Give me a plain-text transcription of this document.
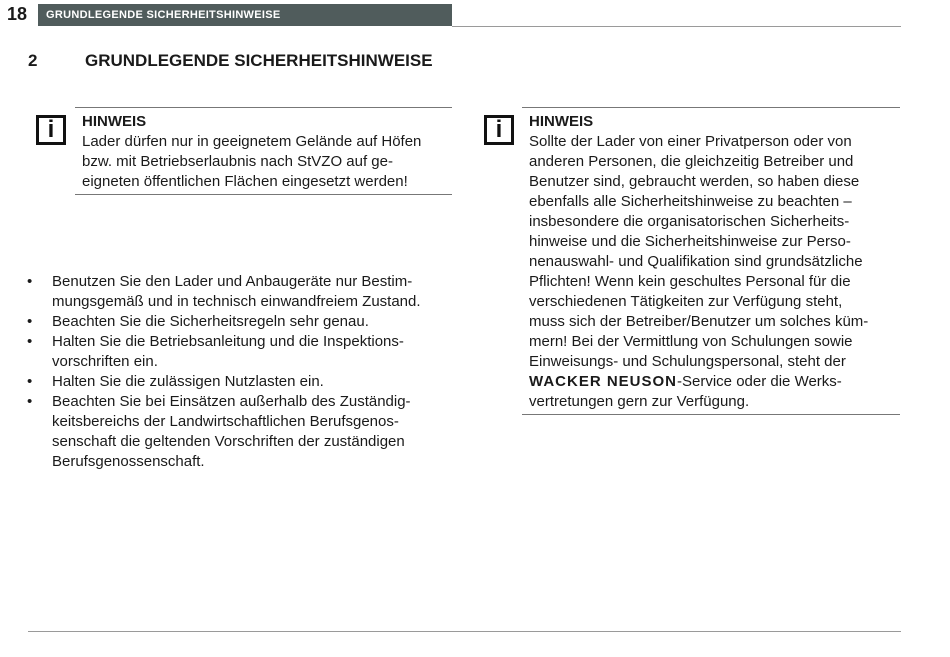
18	GRUNDLEGENDE SICHERHEITSHINWEISE
2	GRUNDLEGENDE SICHERHEITSHINWEISE
i	HINWEIS
Lader dürfen nur in geeignetem Gelände auf Höfen
bzw. mit Betriebserlaubnis nach StVZO auf ge-
eigneten öffentlichen Flächen eingesetzt werden!
• Benutzen Sie den Lader und Anbaugeräte nur Bestim-
mungsgemäß und in technisch einwandfreiem Zustand.
• Beachten Sie die Sicherheitsregeln sehr genau.
• Halten Sie die Betriebsanleitung und die Inspektions-
vorschriften ein.
• Halten Sie die zulässigen Nutzlasten ein.
• Beachten Sie bei Einsätzen außerhalb des Zuständig-
keitsbereichs der Landwirtschaftlichen Berufsgenos-
senschaft die geltenden Vorschriften der zuständigen
Berufsgenossenschaft.
i	HINWEIS
Sollte der Lader von einer Privatperson oder von
anderen Personen, die gleichzeitig Betreiber und
Benutzer sind, gebraucht werden, so haben diese
ebenfalls alle Sicherheitshinweise zu beachten –
insbesondere die organisatorischen Sicherheits-
hinweise und die Sicherheitshinweise zur Perso-
nenauswahl- und Qualifikation sind grundsätzliche
Pflichten! Wenn kein geschultes Personal für die
verschiedenen Tätigkeiten zur Verfügung steht,
muss sich der Betreiber/Benutzer um solches küm-
mern! Bei der Vermittlung von Schulungen sowie
Einweisungs- und Schulungspersonal, steht der
WACKER NEUSON-Service oder die Werks-
vertretungen gern zur Verfügung.
